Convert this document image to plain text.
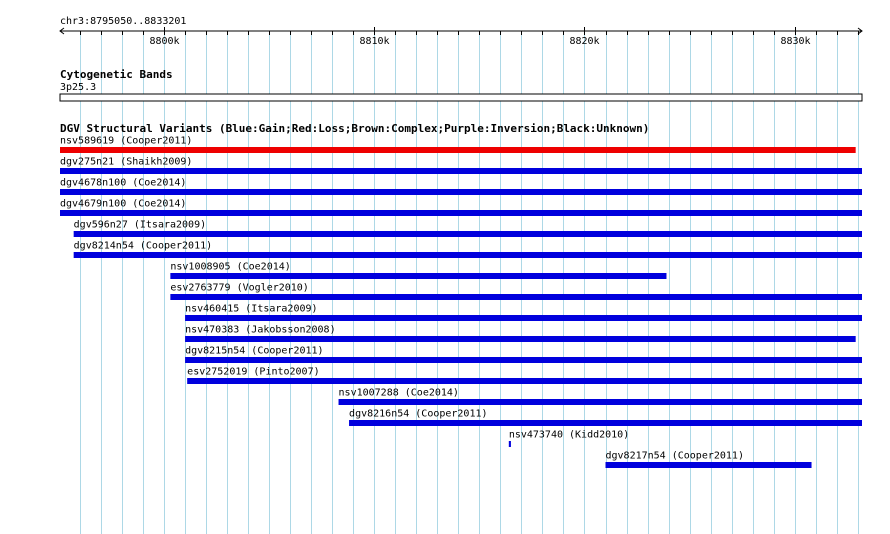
chr3:8795050..8833201
8800k	8810k	8820k	8830k
Cytogenetic Bands
3p25.3
DGV Structural Variants (Blue:Gain;Red:Loss;Brown:Complex;Purple:Inversion;Black:Unknown)
nsv589619 (Cooper2011)
dgv275n21 (Shaikh2009)
dgv4678n100 (Coe2014)
dgv4679n100 (Coe2014)
dgv596n27 (Itsara2009)
dgv8214n54 (Cooper2011)
nsv1008905 (Coe2014)
esv2763779 (Vogler2010)
nsv460415 (Itsara2009)
nsv470383 (Jakobsson2008)
dgv8215n54 (Cooper2011)
esv2752019 (Pinto2007)
nsv1007288 (Coe2014)
dgv8216n54 (Cooper2011)
nsv473740 (Kidd2010)
dgv8217n54 (Cooper2011)
